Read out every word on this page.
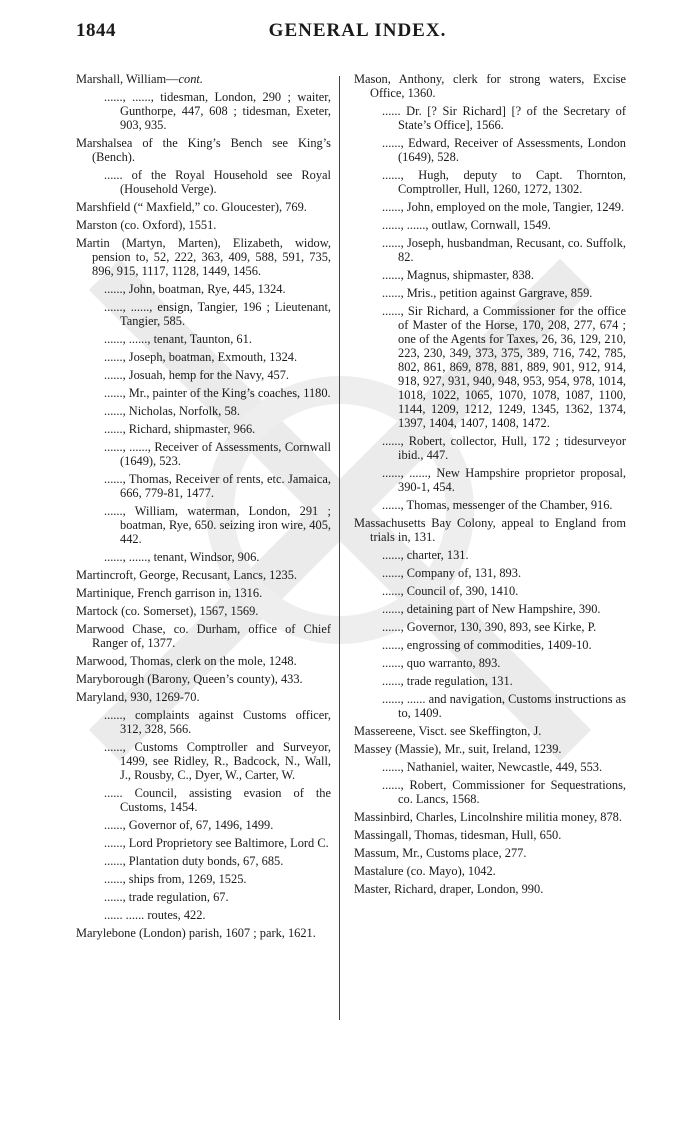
1844	GENERAL INDEX.

Marshall, William—cont.

......, ......, tidesman, London, 290 ; waiter, Gunthorpe, 447, 608 ; tidesman, Exeter, 903, 935.

Marshalsea of the King’s Bench see King’s (Bench).

...... of the Royal Household see Royal (Household Verge).

Marshfield (“ Maxfield,” co. Gloucester), 769.

Marston (co. Oxford), 1551.

Martin (Martyn, Marten), Elizabeth, widow, pension to, 52, 222, 363, 409, 588, 591, 735, 896, 915, 1117, 1128, 1449, 1456.

......, John, boatman, Rye, 445, 1324.

......, ......, ensign, Tangier, 196 ; Lieutenant, Tangier, 585.

......, ......, tenant, Taunton, 61.

......, Joseph, boatman, Exmouth, 1324.

......, Josuah, hemp for the Navy, 457.

......, Mr., painter of the King’s coaches, 1180.

......, Nicholas, Norfolk, 58.

......, Richard, shipmaster, 966.

......, ......, Receiver of Assessments, Cornwall (1649), 523.

......, Thomas, Receiver of rents, etc. Jamaica, 666, 779-81, 1477.

......, William, waterman, London, 291 ; boatman, Rye, 650. seizing iron wire, 405, 442.

......, ......, tenant, Windsor, 906.

Martincroft, George, Recusant, Lancs, 1235.

Martinique, French garrison in, 1316.

Martock (co. Somerset), 1567, 1569.

Marwood Chase, co. Durham, office of Chief Ranger of, 1377.

Marwood, Thomas, clerk on the mole, 1248.

Maryborough (Barony, Queen’s county), 433.

Maryland, 930, 1269-70.

......, complaints against Customs officer, 312, 328, 566.

......, Customs Comptroller and Surveyor, 1499, see Ridley, R., Badcock, N., Wall, J., Rousby, C., Dyer, W., Carter, W.

...... Council, assisting evasion of the Customs, 1454.

......, Governor of, 67, 1496, 1499.

......, Lord Proprietory see Baltimore, Lord C.

......, Plantation duty bonds, 67, 685.

......, ships from, 1269, 1525.

......, trade regulation, 67.

...... ...... routes, 422.

Marylebone (London) parish, 1607 ; park, 1621.

Mason, Anthony, clerk for strong waters, Excise Office, 1360.

...... Dr. [? Sir Richard] [? of the Secretary of State’s Office], 1566.

......, Edward, Receiver of Assessments, London (1649), 528.

......, Hugh, deputy to Capt. Thornton, Comptroller, Hull, 1260, 1272, 1302.

......, John, employed on the mole, Tangier, 1249.

......, ......, outlaw, Cornwall, 1549.

......, Joseph, husbandman, Recusant, co. Suffolk, 82.

......, Magnus, shipmaster, 838.

......, Mris., petition against Gargrave, 859.

......, Sir Richard, a Commissioner for the office of Master of the Horse, 170, 208, 277, 674 ; one of the Agents for Taxes, 26, 36, 129, 210, 223, 230, 349, 373, 375, 389, 716, 742, 785, 802, 861, 869, 878, 881, 889, 901, 912, 914, 918, 927, 931, 940, 948, 953, 954, 978, 1014, 1018, 1022, 1065, 1070, 1078, 1087, 1100, 1144, 1209, 1212, 1249, 1345, 1362, 1374, 1397, 1404, 1407, 1408, 1472.

......, Robert, collector, Hull, 172 ; tidesurveyor ibid., 447.

......, ......, New Hampshire proprietor proposal, 390-1, 454.

......, Thomas, messenger of the Chamber, 916.

Massachusetts Bay Colony, appeal to England from trials in, 131.

......, charter, 131.

......, Company of, 131, 893.

......, Council of, 390, 1410.

......, detaining part of New Hampshire, 390.

......, Governor, 130, 390, 893, see Kirke, P.

......, engrossing of commodities, 1409-10.

......, quo warranto, 893.

......, trade regulation, 131.

......, ...... and navigation, Customs instructions as to, 1409.

Massereene, Visct. see Skeffington, J.

Massey (Massie), Mr., suit, Ireland, 1239.

......, Nathaniel, waiter, Newcastle, 449, 553.

......, Robert, Commissioner for Sequestrations, co. Lancs, 1568.

Massinbird, Charles, Lincolnshire militia money, 878.

Massingall, Thomas, tidesman, Hull, 650.

Massum, Mr., Customs place, 277.

Mastalure (co. Mayo), 1042.

Master, Richard, draper, London, 990.
